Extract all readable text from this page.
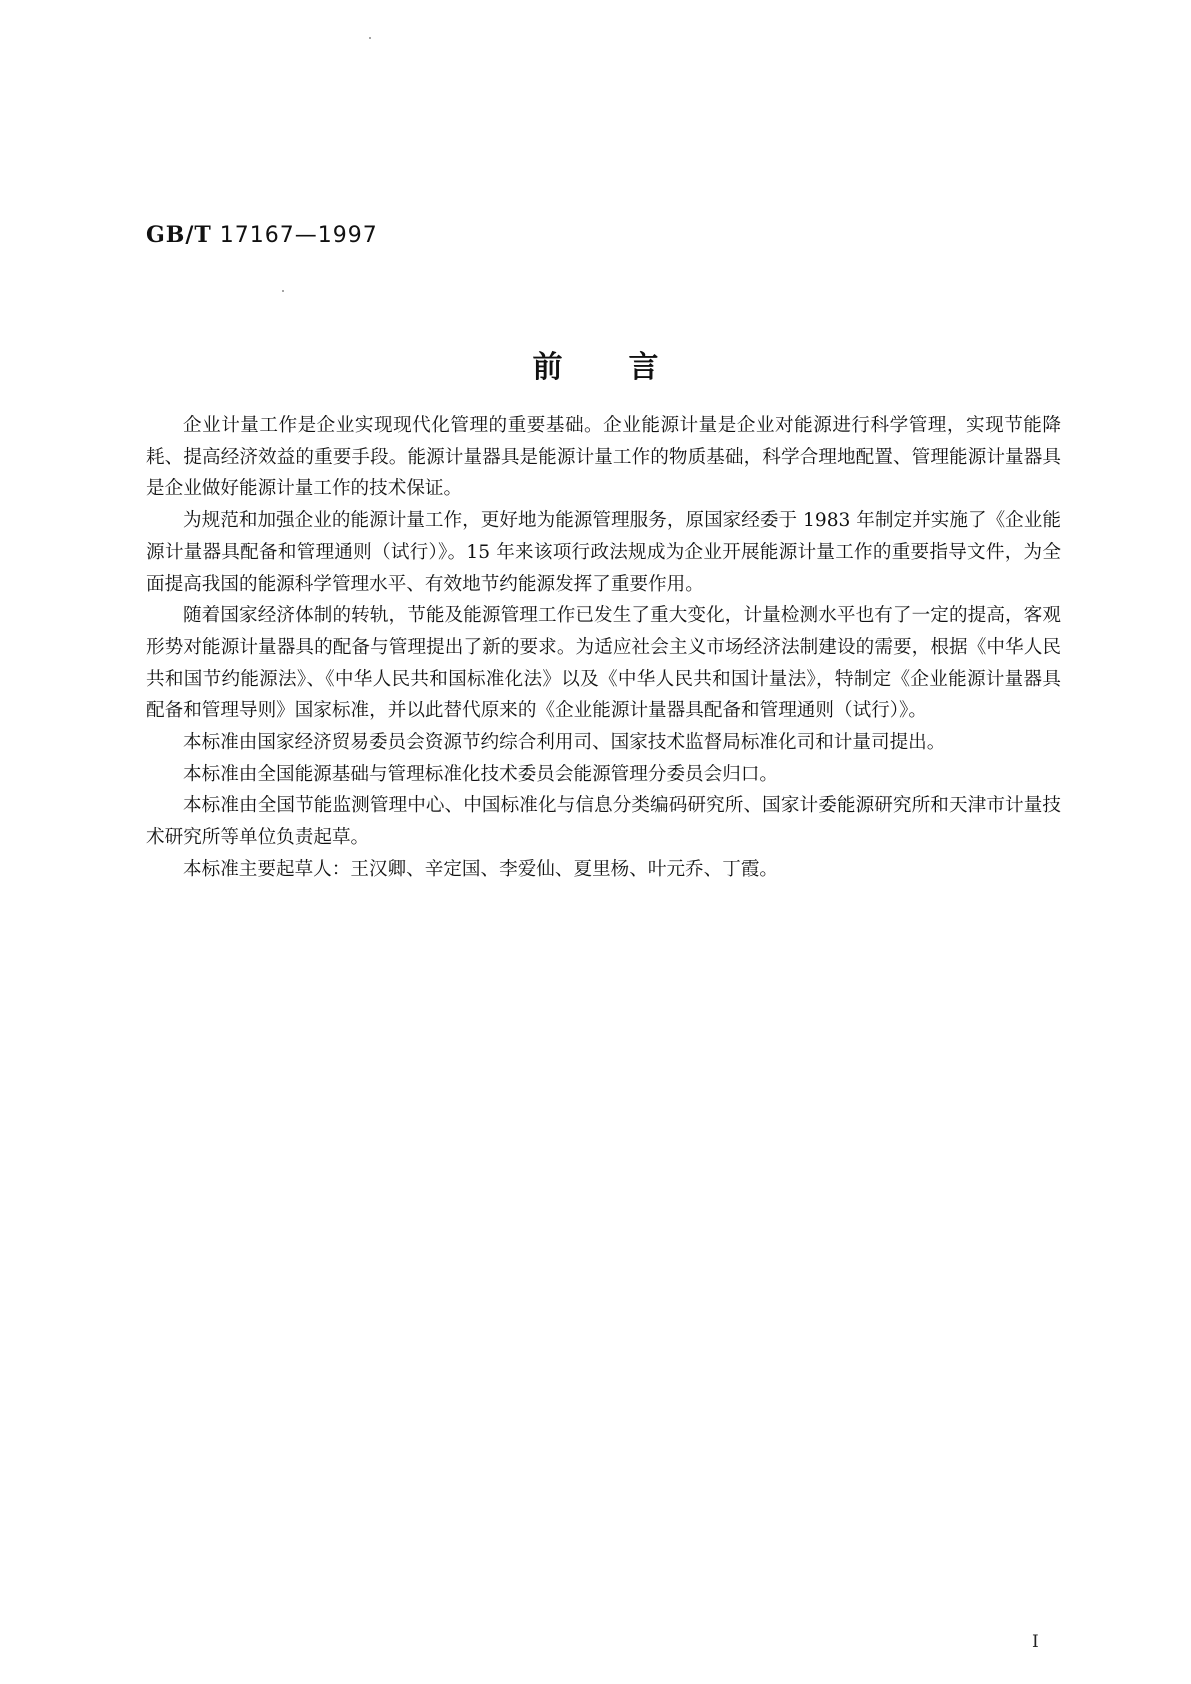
GB/T 17167—1997
前言

企业计量工作是企业实现现代化管理的重要基础。企业能源计量是企业对能源进行科学管理，实现节能降耗、提高经济效益的重要手段。能源计量器具是能源计量工作的物质基础，科学合理地配置、管理能源计量器具是企业做好能源计量工作的技术保证。

为规范和加强企业的能源计量工作，更好地为能源管理服务，原国家经委于 1983 年制定并实施了《企业能源计量器具配备和管理通则（试行）》。15 年来该项行政法规成为企业开展能源计量工作的重要指导文件，为全面提高我国的能源科学管理水平、有效地节约能源发挥了重要作用。

随着国家经济体制的转轨，节能及能源管理工作已发生了重大变化，计量检测水平也有了一定的提高，客观形势对能源计量器具的配备与管理提出了新的要求。为适应社会主义市场经济法制建设的需要，根据《中华人民共和国节约能源法》、《中华人民共和国标准化法》以及《中华人民共和国计量法》，特制定《企业能源计量器具配备和管理导则》国家标准，并以此替代原来的《企业能源计量器具配备和管理通则（试行）》。

本标准由国家经济贸易委员会资源节约综合利用司、国家技术监督局标准化司和计量司提出。

本标准由全国能源基础与管理标准化技术委员会能源管理分委员会归口。

本标准由全国节能监测管理中心、中国标准化与信息分类编码研究所、国家计委能源研究所和天津市计量技术研究所等单位负责起草。

本标准主要起草人：王汉卿、辛定国、李爱仙、夏里杨、叶元乔、丁霞。

I
